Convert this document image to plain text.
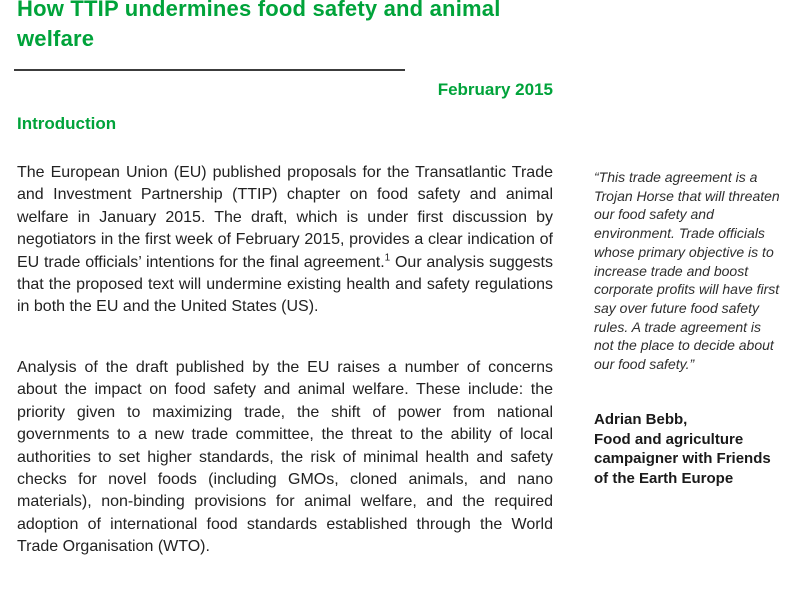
How TTIP undermines food safety and animal welfare
February 2015
Introduction

The European Union (EU) published proposals for the Transatlantic Trade and Investment Partnership (TTIP) chapter on food safety and animal welfare in January 2015. The draft, which is under first discussion by negotiators in the first week of February 2015, provides a clear indication of EU trade officials’ intentions for the final agreement.$^1$ Our analysis suggests that the proposed text will undermine existing health and safety regulations in both the EU and the United States (US).

Analysis of the draft published by the EU raises a number of concerns about the impact on food safety and animal welfare. These include: the priority given to maximizing trade, the shift of power from national governments to a new trade committee, the threat to the ability of local authorities to set higher standards, the risk of minimal health and safety checks for novel foods (including GMOs, cloned animals, and nano materials), non-binding provisions for animal welfare, and the required adoption of international food standards established through the World Trade Organisation (WTO).

“This trade agreement is a Trojan Horse that will threaten our food safety and environment. Trade officials whose primary objective is to increase trade and boost corporate profits will have first say over future food safety rules. A trade agreement is not the place to decide about our food safety.”

Adrian Bebb,
Food and agriculture campaigner with Friends of the Earth Europe
